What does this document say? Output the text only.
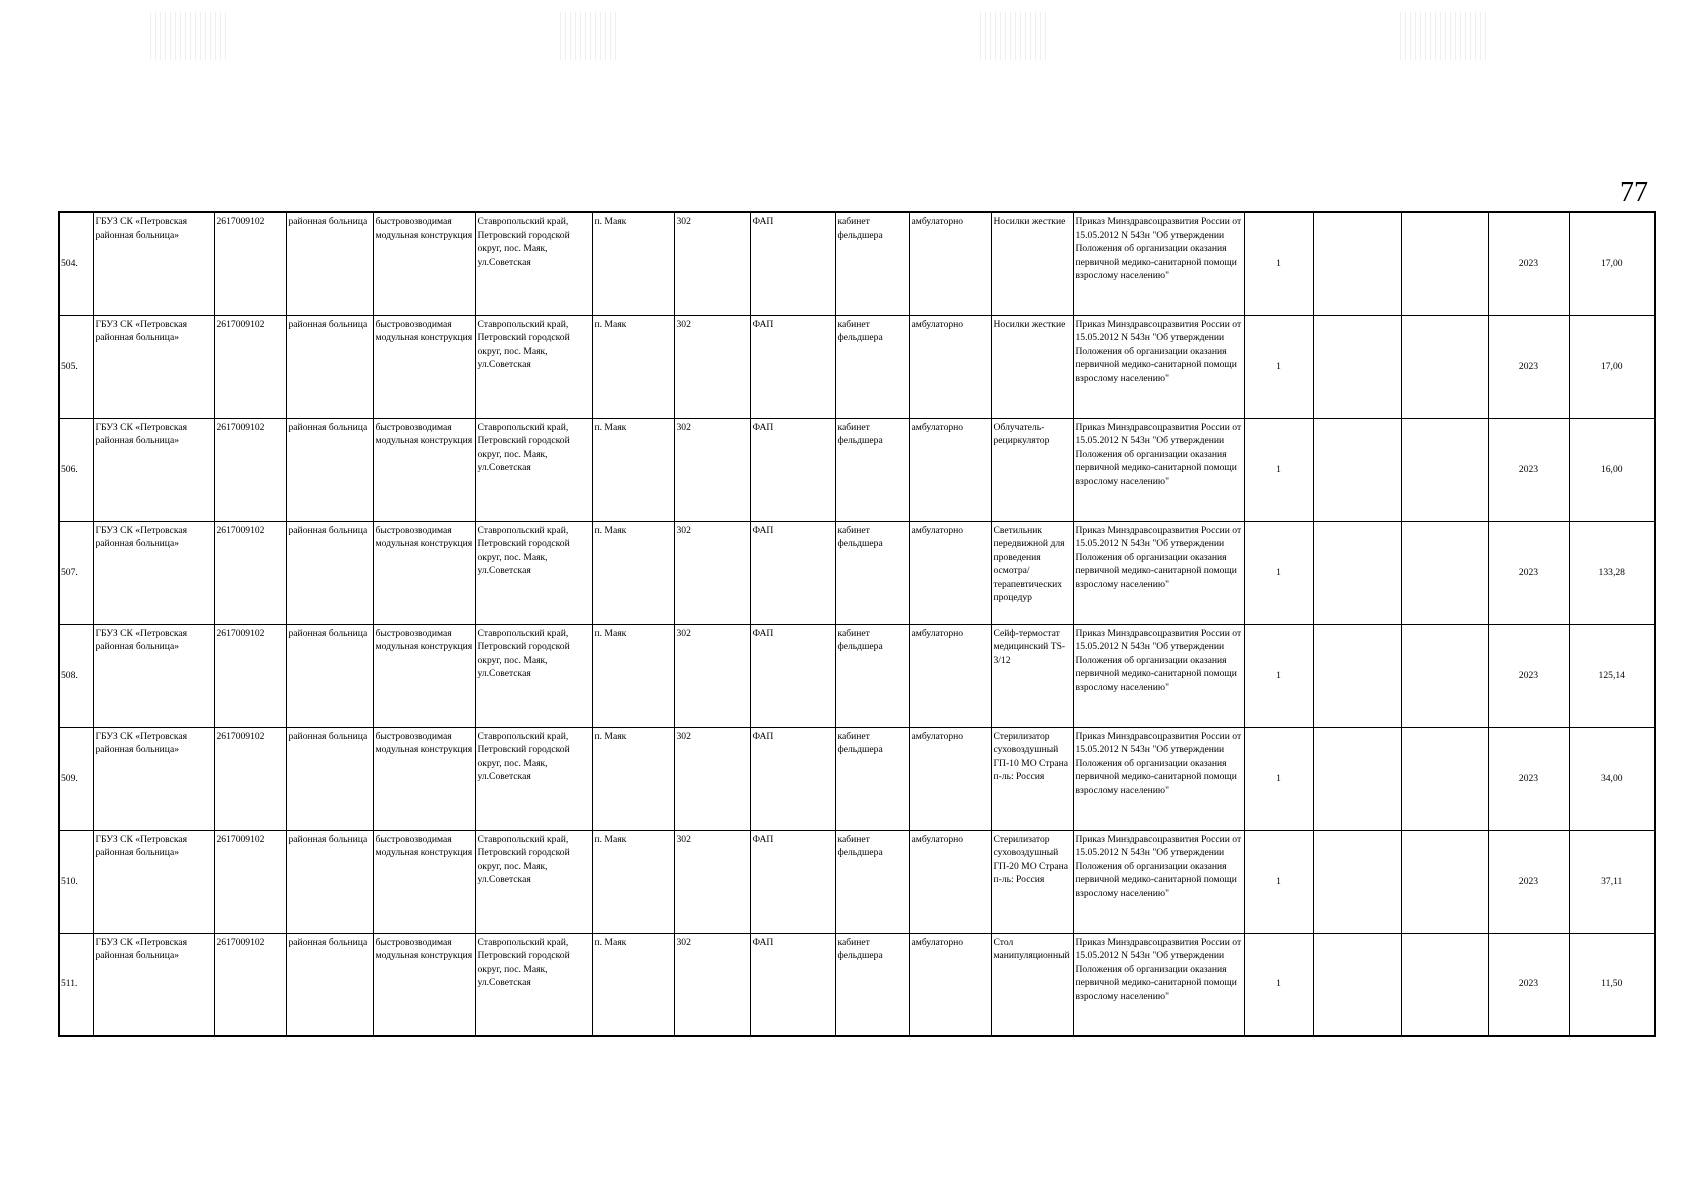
77
504.	ГБУЗ СК «Петровская районная больница»	2617009102	районная больница	быстровозводимая модульная конструкция	Ставропольский край, Петровский городской округ, пос. Маяк, ул.Советская	п. Маяк	302	ФАП	кабинет фельдшера	амбулаторно	Носилки жесткие	Приказ Минздравсоцразвития России от 15.05.2012 N 543н "Об утверждении Положения об организации оказания первичной медико-санитарной помощи взрослому населению"	1			2023	17,00
505.	ГБУЗ СК «Петровская районная больница»	2617009102	районная больница	быстровозводимая модульная конструкция	Ставропольский край, Петровский городской округ, пос. Маяк, ул.Советская	п. Маяк	302	ФАП	кабинет фельдшера	амбулаторно	Носилки жесткие	Приказ Минздравсоцразвития России от 15.05.2012 N 543н "Об утверждении Положения об организации оказания первичной медико-санитарной помощи взрослому населению"	1			2023	17,00
506.	ГБУЗ СК «Петровская районная больница»	2617009102	районная больница	быстровозводимая модульная конструкция	Ставропольский край, Петровский городской округ, пос. Маяк, ул.Советская	п. Маяк	302	ФАП	кабинет фельдшера	амбулаторно	Облучатель-рециркулятор	Приказ Минздравсоцразвития России от 15.05.2012 N 543н "Об утверждении Положения об организации оказания первичной медико-санитарной помощи взрослому населению"	1			2023	16,00
507.	ГБУЗ СК «Петровская районная больница»	2617009102	районная больница	быстровозводимая модульная конструкция	Ставропольский край, Петровский городской округ, пос. Маяк, ул.Советская	п. Маяк	302	ФАП	кабинет фельдшера	амбулаторно	Светильник передвижной для проведения осмотра/терапевтических процедур	Приказ Минздравсоцразвития России от 15.05.2012 N 543н "Об утверждении Положения об организации оказания первичной медико-санитарной помощи взрослому населению"	1			2023	133,28
508.	ГБУЗ СК «Петровская районная больница»	2617009102	районная больница	быстровозводимая модульная конструкция	Ставропольский край, Петровский городской округ, пос. Маяк, ул.Советская	п. Маяк	302	ФАП	кабинет фельдшера	амбулаторно	Сейф-термостат медицинский TS-3/12	Приказ Минздравсоцразвития России от 15.05.2012 N 543н "Об утверждении Положения об организации оказания первичной медико-санитарной помощи взрослому населению"	1			2023	125,14
509.	ГБУЗ СК «Петровская районная больница»	2617009102	районная больница	быстровозводимая модульная конструкция	Ставропольский край, Петровский городской округ, пос. Маяк, ул.Советская	п. Маяк	302	ФАП	кабинет фельдшера	амбулаторно	Стерилизатор суховоздушный ГП-10 МО Страна п-ль: Россия	Приказ Минздравсоцразвития России от 15.05.2012 N 543н "Об утверждении Положения об организации оказания первичной медико-санитарной помощи взрослому населению"	1			2023	34,00
510.	ГБУЗ СК «Петровская районная больница»	2617009102	районная больница	быстровозводимая модульная конструкция	Ставропольский край, Петровский городской округ, пос. Маяк, ул.Советская	п. Маяк	302	ФАП	кабинет фельдшера	амбулаторно	Стерилизатор суховоздушный ГП-20 МО Страна п-ль: Россия	Приказ Минздравсоцразвития России от 15.05.2012 N 543н "Об утверждении Положения об организации оказания первичной медико-санитарной помощи взрослому населению"	1			2023	37,11
511.	ГБУЗ СК «Петровская районная больница»	2617009102	районная больница	быстровозводимая модульная конструкция	Ставропольский край, Петровский городской округ, пос. Маяк, ул.Советская	п. Маяк	302	ФАП	кабинет фельдшера	амбулаторно	Стол манипуляционный	Приказ Минздравсоцразвития России от 15.05.2012 N 543н "Об утверждении Положения об организации оказания первичной медико-санитарной помощи взрослому населению"	1			2023	11,50
